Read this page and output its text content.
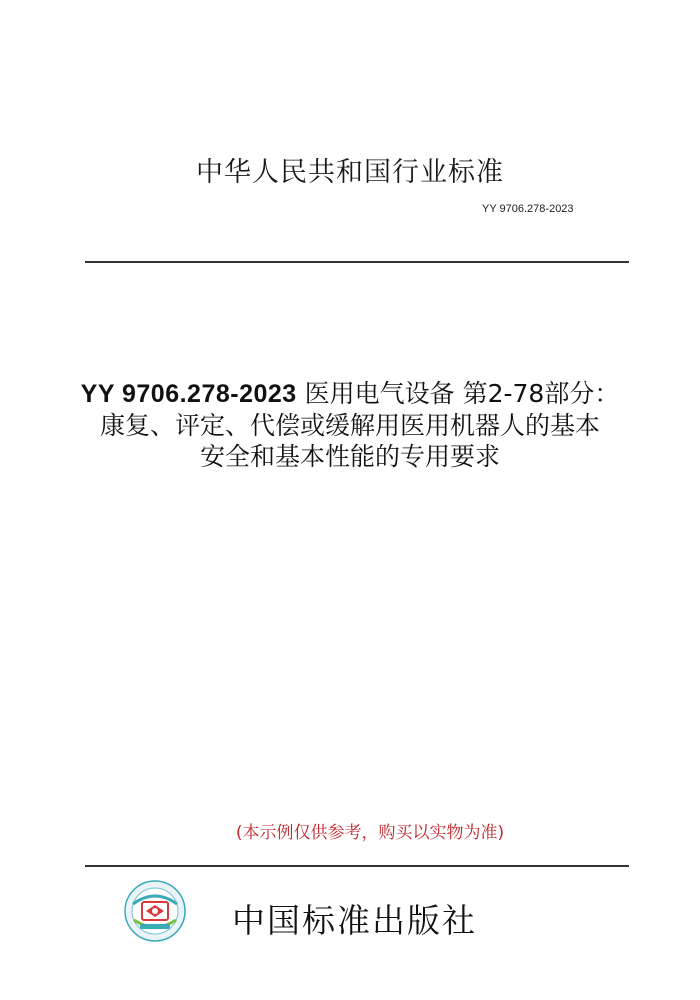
中华人民共和国行业标准
YY 9706.278-2023
YY 9706.278-2023 医用电气设备 第2-78部分：
康复、评定、代偿或缓解用医用机器人的基本
安全和基本性能的专用要求
(本示例仅供参考，购买以实物为准)
中国标准出版社
